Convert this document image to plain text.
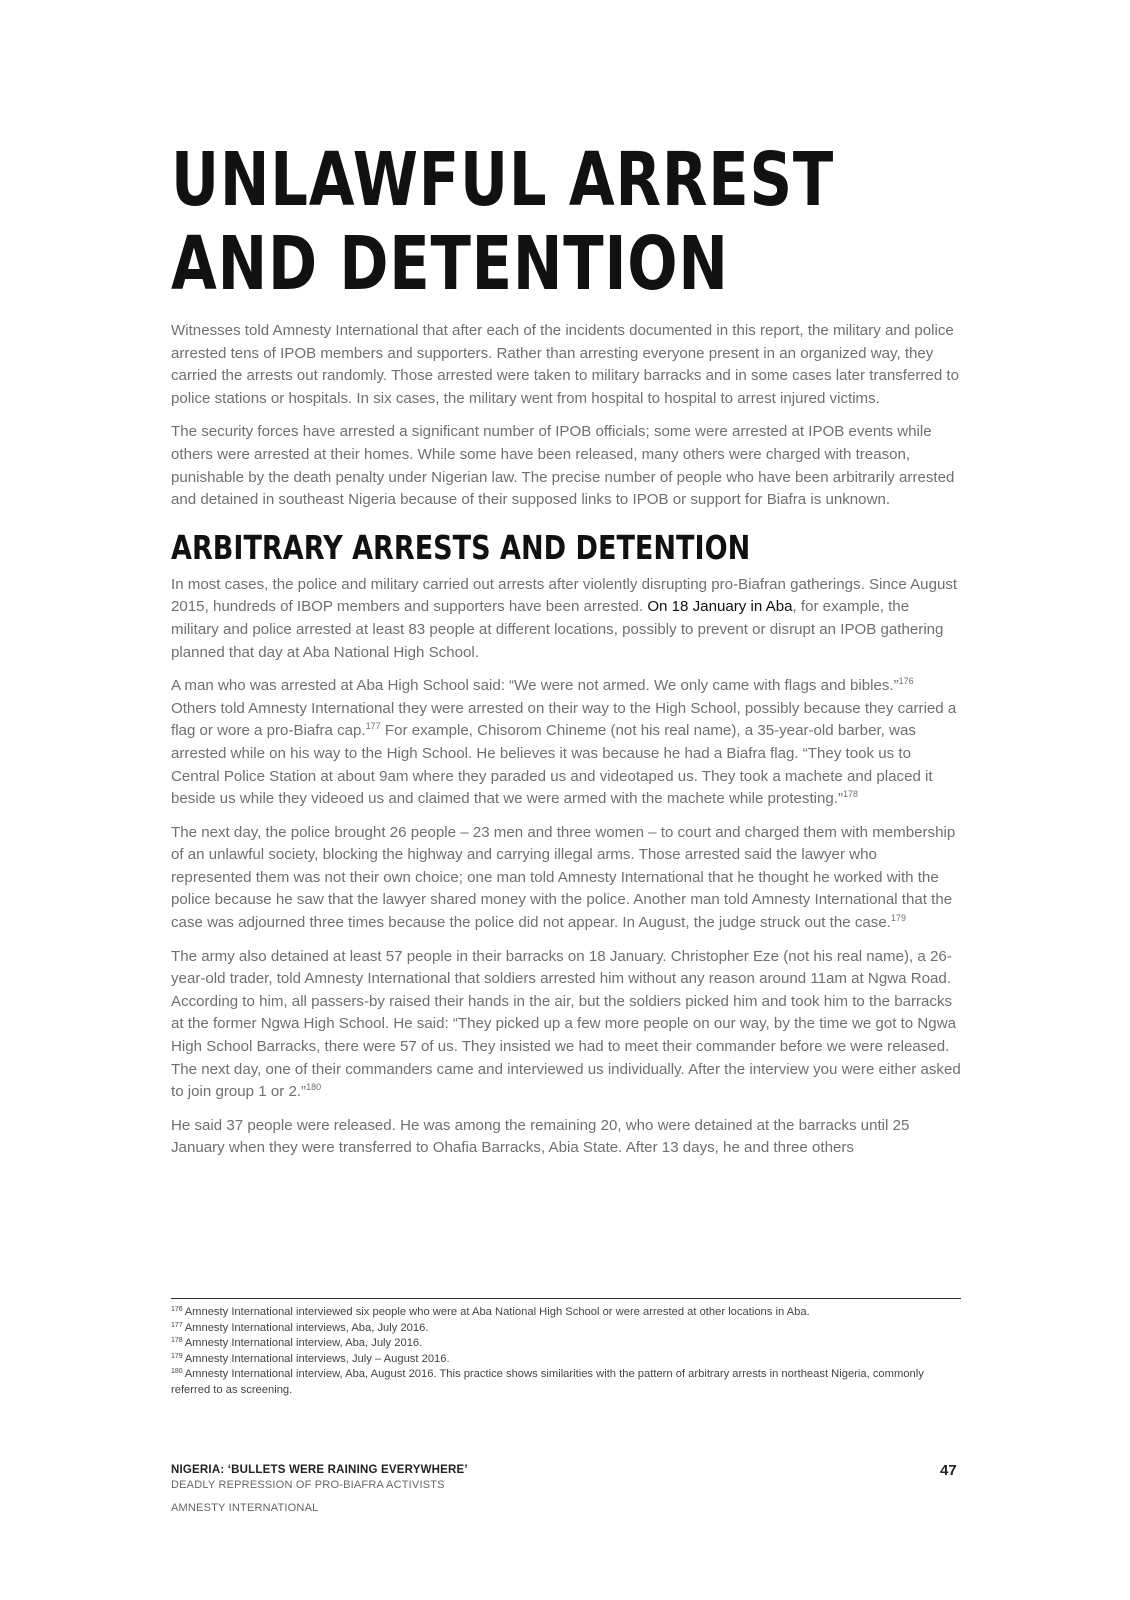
UNLAWFUL ARREST AND DETENTION

Witnesses told Amnesty International that after each of the incidents documented in this report, the military and police arrested tens of IPOB members and supporters. Rather than arresting everyone present in an organized way, they carried the arrests out randomly. Those arrested were taken to military barracks and in some cases later transferred to police stations or hospitals. In six cases, the military went from hospital to hospital to arrest injured victims.

The security forces have arrested a significant number of IPOB officials; some were arrested at IPOB events while others were arrested at their homes. While some have been released, many others were charged with treason, punishable by the death penalty under Nigerian law. The precise number of people who have been arbitrarily arrested and detained in southeast Nigeria because of their supposed links to IPOB or support for Biafra is unknown.

ARBITRARY ARRESTS AND DETENTION

In most cases, the police and military carried out arrests after violently disrupting pro-Biafran gatherings. Since August 2015, hundreds of IBOP members and supporters have been arrested. On 18 January in Aba, for example, the military and police arrested at least 83 people at different locations, possibly to prevent or disrupt an IPOB gathering planned that day at Aba National High School.

A man who was arrested at Aba High School said: “We were not armed. We only came with flags and bibles.”$^{176}$ Others told Amnesty International they were arrested on their way to the High School, possibly because they carried a flag or wore a pro-Biafra cap.$^{177}$ For example, Chisorom Chineme (not his real name), a 35-year-old barber, was arrested while on his way to the High School. He believes it was because he had a Biafra flag. “They took us to Central Police Station at about 9am where they paraded us and videotaped us. They took a machete and placed it beside us while they videoed us and claimed that we were armed with the machete while protesting.”$^{178}$

The next day, the police brought 26 people – 23 men and three women – to court and charged them with membership of an unlawful society, blocking the highway and carrying illegal arms. Those arrested said the lawyer who represented them was not their own choice; one man told Amnesty International that he thought he worked with the police because he saw that the lawyer shared money with the police. Another man told Amnesty International that the case was adjourned three times because the police did not appear. In August, the judge struck out the case.$^{179}$

The army also detained at least 57 people in their barracks on 18 January. Christopher Eze (not his real name), a 26-year-old trader, told Amnesty International that soldiers arrested him without any reason around 11am at Ngwa Road. According to him, all passers-by raised their hands in the air, but the soldiers picked him and took him to the barracks at the former Ngwa High School. He said: “They picked up a few more people on our way, by the time we got to Ngwa High School Barracks, there were 57 of us. They insisted we had to meet their commander before we were released. The next day, one of their commanders came and interviewed us individually. After the interview you were either asked to join group 1 or 2.”$^{180}$

He said 37 people were released. He was among the remaining 20, who were detained at the barracks until 25 January when they were transferred to Ohafia Barracks, Abia State. After 13 days, he and three others

$^{176}$ Amnesty International interviewed six people who were at Aba National High School or were arrested at other locations in Aba.

$^{177}$ Amnesty International interviews, Aba, July 2016.

$^{178}$ Amnesty International interview, Aba, July 2016.

$^{179}$ Amnesty International interviews, July – August 2016.

$^{180}$ Amnesty International interview, Aba, August 2016. This practice shows similarities with the pattern of arbitrary arrests in northeast Nigeria, commonly referred to as screening.

NIGERIA: ‘BULLETS WERE RAINING EVERYWHERE’
DEADLY REPRESSION OF PRO-BIAFRA ACTIVISTS
AMNESTY INTERNATIONAL
47
